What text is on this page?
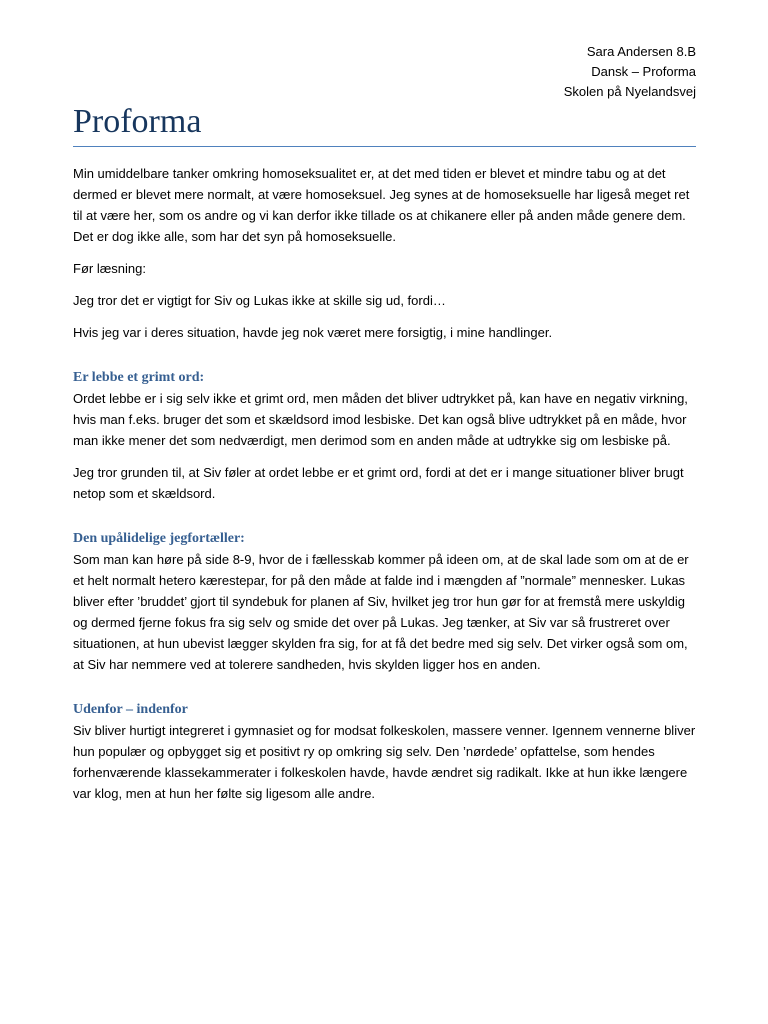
Sara Andersen 8.B
Dansk – Proforma
Skolen på Nyelandsvej
Proforma

Min umiddelbare tanker omkring homoseksualitet er, at det med tiden er blevet et mindre tabu og at det dermed er blevet mere normalt, at være homoseksuel. Jeg synes at de homoseksuelle har ligeså meget ret til at være her, som os andre og vi kan derfor ikke tillade os at chikanere eller på anden måde genere dem. Det er dog ikke alle, som har det syn på homoseksuelle.

Før læsning:

Jeg tror det er vigtigt for Siv og Lukas ikke at skille sig ud, fordi…

Hvis jeg var i deres situation, havde jeg nok været mere forsigtig, i mine handlinger.

Er lebbe et grimt ord:

Ordet lebbe er i sig selv ikke et grimt ord, men måden det bliver udtrykket på, kan have en negativ virkning, hvis man f.eks. bruger det som et skældsord imod lesbiske. Det kan også blive udtrykket på en måde, hvor man ikke mener det som nedværdigt, men derimod som en anden måde at udtrykke sig om lesbiske på.

Jeg tror grunden til, at Siv føler at ordet lebbe er et grimt ord, fordi at det er i mange situationer bliver brugt netop som et skældsord.

Den upålidelige jegfortæller:

Som man kan høre på side 8-9, hvor de i fællesskab kommer på ideen om, at de skal lade som om at de er et helt normalt hetero kærestepar, for på den måde at falde ind i mængden af ”normale” mennesker. Lukas bliver efter ’bruddet’ gjort til syndebuk for planen af Siv, hvilket jeg tror hun gør for at fremstå mere uskyldig og dermed fjerne fokus fra sig selv og smide det over på Lukas. Jeg tænker, at Siv var så frustreret over situationen, at hun ubevist lægger skylden fra sig, for at få det bedre med sig selv. Det virker også som om, at Siv har nemmere ved at tolerere sandheden, hvis skylden ligger hos en anden.

Udenfor – indenfor

Siv bliver hurtigt integreret i gymnasiet og for modsat folkeskolen, massere venner. Igennem vennerne bliver hun populær og opbygget sig et positivt ry op omkring sig selv. Den ’nørdede’ opfattelse, som hendes forhenværende klassekammerater i folkeskolen havde, havde ændret sig radikalt. Ikke at hun ikke længere var klog, men at hun her følte sig ligesom alle andre.
